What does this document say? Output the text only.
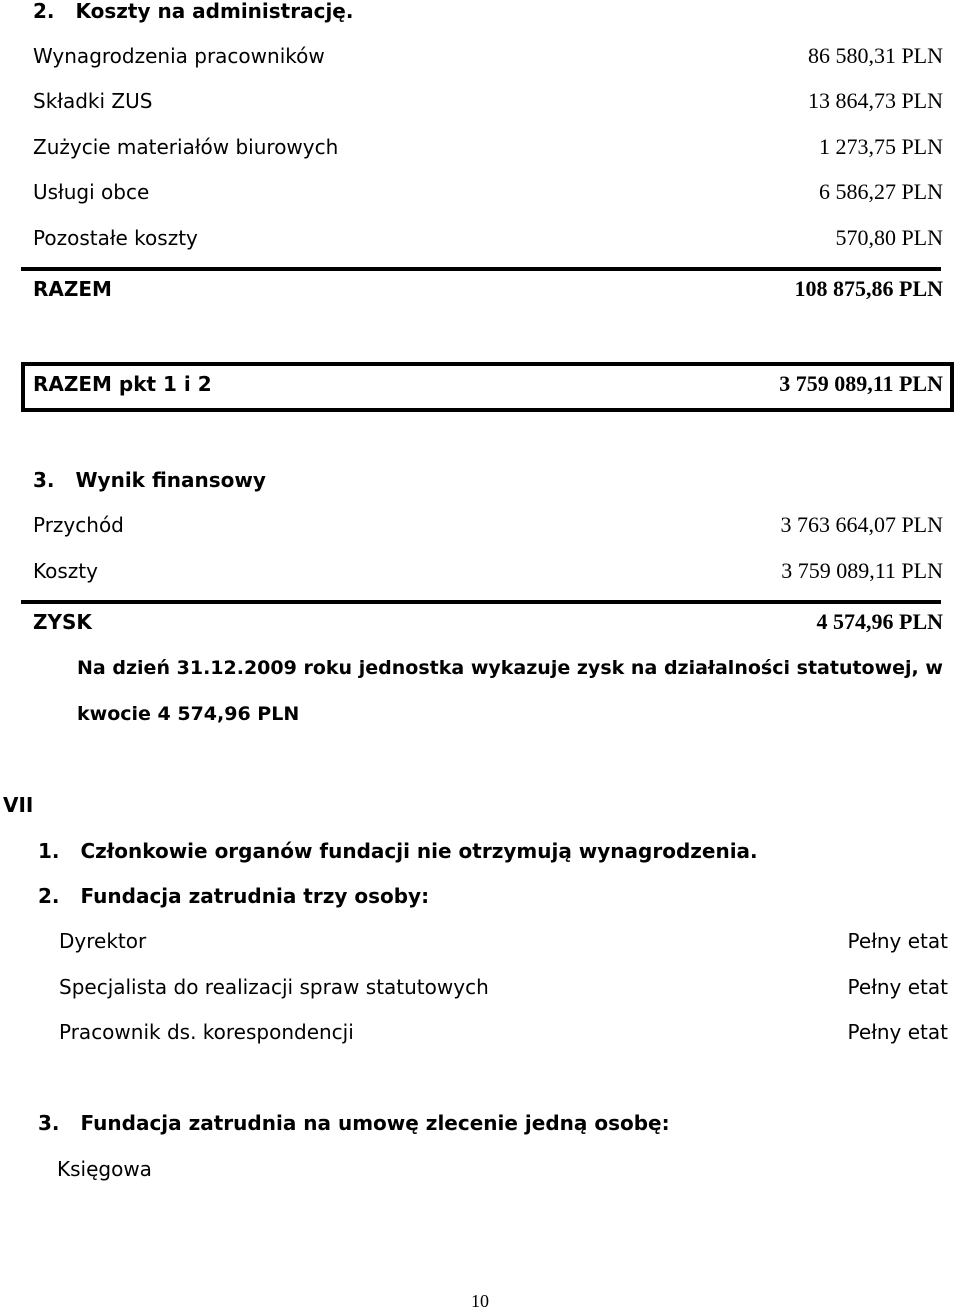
2. Koszty na administrację.
Wynagrodzenia pracowników	86 580,31 PLN
Składki ZUS	13 864,73 PLN
Zużycie materiałów biurowych	1 273,75 PLN
Usługi obce	6 586,27 PLN
Pozostałe koszty	570,80 PLN
RAZEM	108 875,86 PLN
RAZEM pkt 1 i 2	3 759 089,11 PLN
3. Wynik finansowy
Przychód	3 763 664,07 PLN
Koszty	3 759 089,11 PLN
ZYSK	4 574,96 PLN
Na dzień 31.12.2009 roku jednostka wykazuje zysk na działalności statutowej, w
kwocie 4 574,96 PLN
VII
1. Członkowie organów fundacji nie otrzymują wynagrodzenia.
2. Fundacja zatrudnia trzy osoby:
Dyrektor	Pełny etat
Specjalista do realizacji spraw statutowych	Pełny etat
Pracownik ds. korespondencji	Pełny etat
3. Fundacja zatrudnia na umowę zlecenie jedną osobę:
Księgowa
10
